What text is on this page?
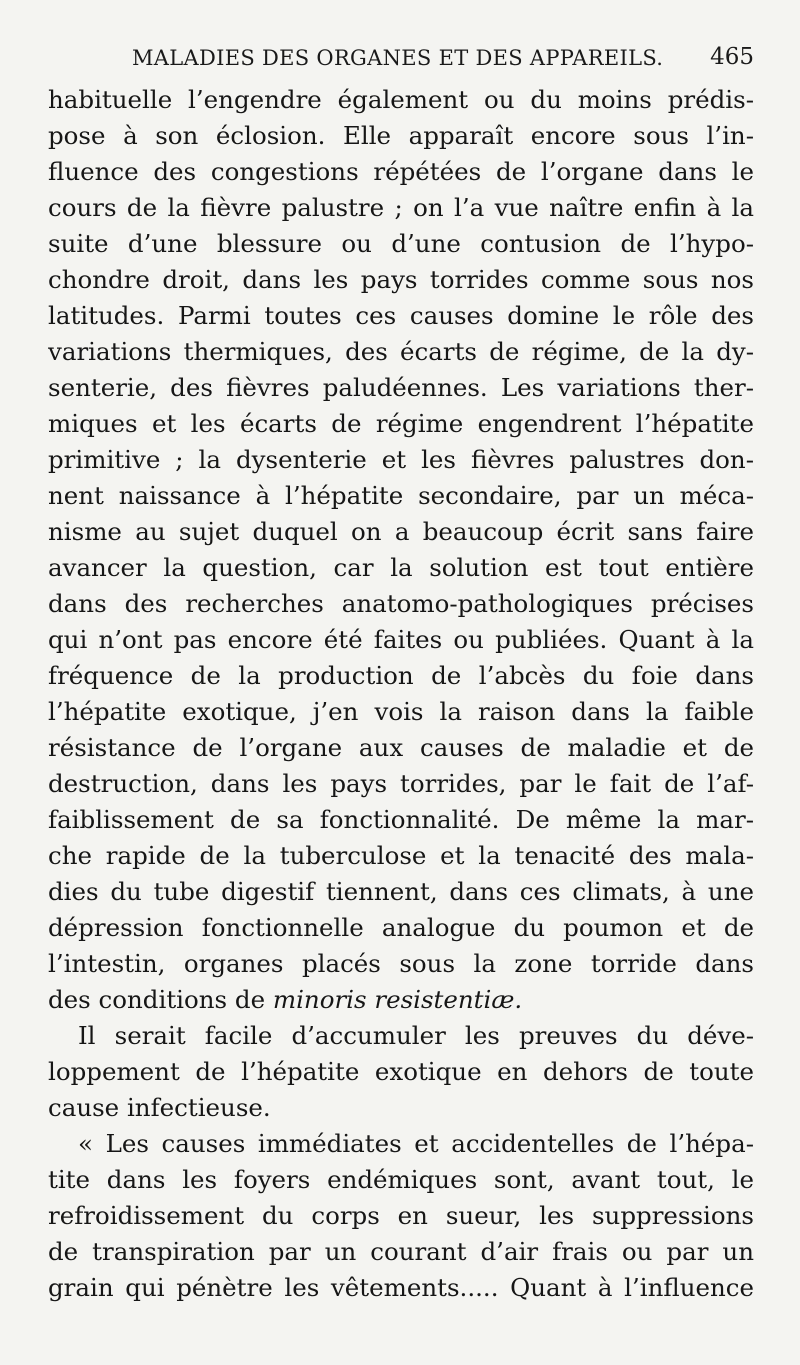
MALADIES DES ORGANES ET DES APPAREILS. 465
habituelle l’engendre également ou du moins prédis-
pose à son éclosion. Elle apparaît encore sous l’in-
fluence des congestions répétées de l’organe dans le
cours de la fièvre palustre ; on l’a vue naître enfin à la
suite d’une blessure ou d’une contusion de l’hypo-
chondre droit, dans les pays torrides comme sous nos
latitudes. Parmi toutes ces causes domine le rôle des
variations thermiques, des écarts de régime, de la dy-
senterie, des fièvres paludéennes. Les variations ther-
miques et les écarts de régime engendrent l’hépatite
primitive ; la dysenterie et les fièvres palustres don-
nent naissance à l’hépatite secondaire, par un méca-
nisme au sujet duquel on a beaucoup écrit sans faire
avancer la question, car la solution est tout entière
dans des recherches anatomo-pathologiques précises
qui n’ont pas encore été faites ou publiées. Quant à la
fréquence de la production de l’abcès du foie dans
l’hépatite exotique, j’en vois la raison dans la faible
résistance de l’organe aux causes de maladie et de
destruction, dans les pays torrides, par le fait de l’af-
faiblissement de sa fonctionnalité. De même la mar-
che rapide de la tuberculose et la tenacité des mala-
dies du tube digestif tiennent, dans ces climats, à une
dépression fonctionnelle analogue du poumon et de
l’intestin, organes placés sous la zone torride dans
des conditions de minoris resistentiæ.
Il serait facile d’accumuler les preuves du déve-
loppement de l’hépatite exotique en dehors de toute
cause infectieuse.
« Les causes immédiates et accidentelles de l’hépa-
tite dans les foyers endémiques sont, avant tout, le
refroidissement du corps en sueur, les suppressions
de transpiration par un courant d’air frais ou par un
grain qui pénètre les vêtements..... Quant à l’influence
